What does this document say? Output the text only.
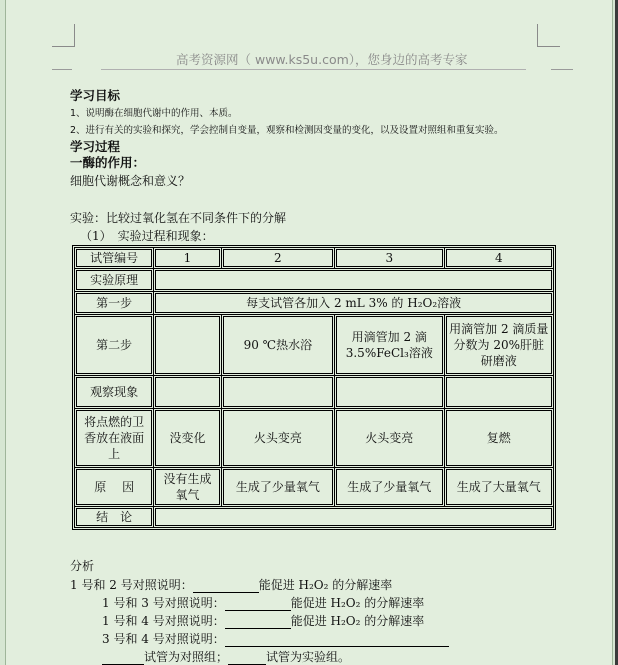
高考资源网（ www.ks5u.com），您身边的高考专家
学习目标
1、说明酶在细胞代谢中的作用、本质。
2、进行有关的实验和探究，学会控制自变量，观察和检测因变量的变化，以及设置对照组和重复实验。
学习过程
一酶的作用：
细胞代谢概念和意义？
实验：比较过氧化氢在不同条件下的分解
（1）　实验过程和现象：
试管编号	1	2	3	4
实验原理				
第一步	每支试管各加入 2 mL 3% 的 H₂O₂溶液			
第二步		90 ℃热水浴	用滴管加 2 滴 3.5%FeCl₃溶液	用滴管加 2 滴质量分数为 20%肝脏研磨液
观察现象				
将点燃的卫香放在液面上	没变化	火头变亮	火头变亮	复燃
原　 因	没有生成氧气	生成了少量氧气	生成了少量氧气	生成了大量氧气
结　论				
分析
1 号和 2 号对照说明：	能促进 H₂O₂ 的分解速率
1 号和 3 号对照说明：	能促进 H₂O₂ 的分解速率
1 号和 4 号对照说明：	能促进 H₂O₂ 的分解速率
3 号和 4 号对照说明：
试管为对照组；	试管为实验组。
